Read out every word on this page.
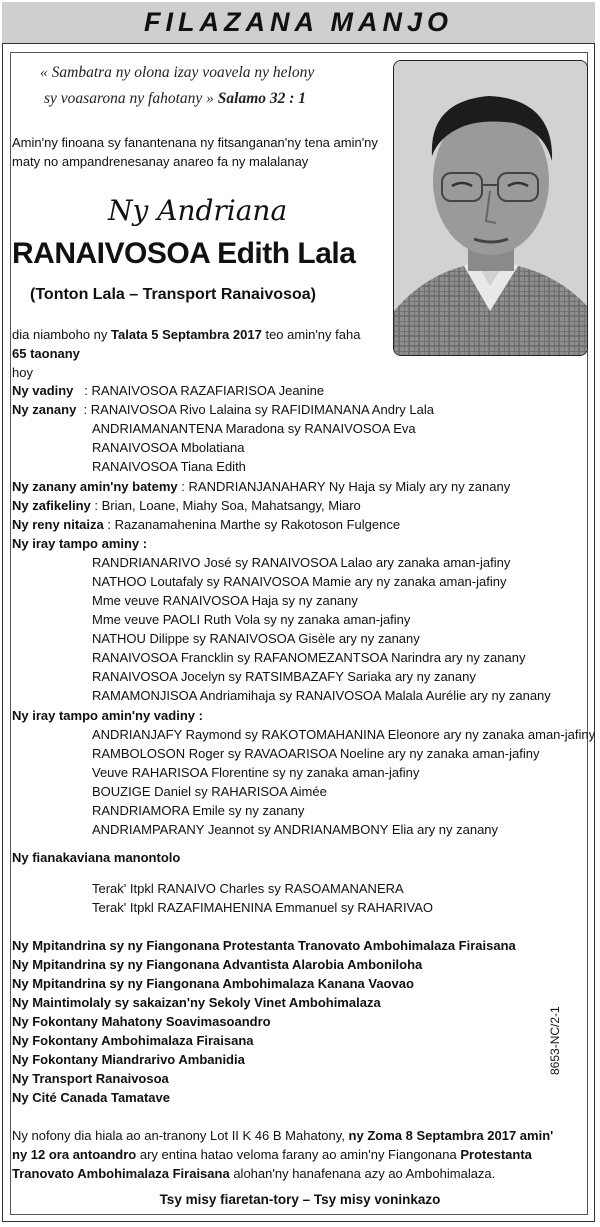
FILAZANA MANJO
« Sambatra ny olona izay voavela ny helony
sy voasarona ny fahotany » Salamo 32 : 1
Amin'ny finoana sy fanantenana ny fitsanganan'ny tena amin'ny
maty no ampandrenesanay anareo fa ny malalanay
Ny Andriana
RANAIVOSOA Edith Lala
(Tonton Lala – Transport Ranaivosoa)
dia niamboho ny Talata 5 Septambra 2017 teo amin'ny faha
65 taonany
hoy
Ny vadiny : RANAIVOSOA RAZAFIARISOA Jeanine
Ny zanany : RANAIVOSOA Rivo Lalaina sy RAFIDIMANANA Andry Lala
ANDRIAMANANTENA Maradona sy RANAIVOSOA Eva
RANAIVOSOA Mbolatiana
RANAIVOSOA Tiana Edith
Ny zanany amin'ny batemy : RANDRIANJANAHARY Ny Haja sy Mialy ary ny zanany
Ny zafikeliny : Brian, Loane, Miahy Soa, Mahatsangy, Miaro
Ny reny nitaiza : Razanamahenina Marthe sy Rakotoson Fulgence
Ny iray tampo aminy :
RANDRIANARIVO José sy RANAIVOSOA Lalao ary zanaka aman-jafiny
NATHOO Loutafaly sy RANAIVOSOA Mamie ary ny zanaka aman-jafiny
Mme veuve RANAIVOSOA Haja sy ny zanany
Mme veuve PAOLI Ruth Vola sy ny zanaka aman-jafiny
NATHOU Dilippe sy RANAIVOSOA Gisèle ary ny zanany
RANAIVOSOA Francklin sy RAFANOMEZANTSOA Narindra ary ny zanany
RANAIVOSOA Jocelyn sy RATSIMBAZAFY Sariaka ary ny zanany
RAMAMONJISOA Andriamihaja sy RANAIVOSOA Malala Aurélie ary ny zanany
Ny iray tampo amin'ny vadiny :
ANDRIANJAFY Raymond sy RAKOTOMAHANINA Eleonore ary ny zanaka aman-jafiny
RAMBOLOSON Roger sy RAVAOARISOA Noeline ary ny zanaka aman-jafiny
Veuve RAHARISOA Florentine sy ny zanaka aman-jafiny
BOUZIGE Daniel sy RAHARISOA Aimée
RANDRIAMORA Emile sy ny zanany
ANDRIAMPARANY Jeannot sy ANDRIANAMBONY Elia ary ny zanany
Ny fianakaviana manontolo
Terak' Itpkl RANAIVO Charles sy RASOAMANANERA
Terak' Itpkl RAZAFIMAHENINA Emmanuel sy RAHARIVAO
Ny Mpitandrina sy ny Fiangonana Protestanta Tranovato Ambohimalaza Firaisana
Ny Mpitandrina sy ny Fiangonana Advantista Alarobia Amboniloha
Ny Mpitandrina sy ny Fiangonana Ambohimalaza Kanana Vaovao
Ny Maintimolaly sy sakaizan'ny Sekoly Vinet Ambohimalaza
Ny Fokontany Mahatony Soavimasoandro
Ny Fokontany Ambohimalaza Firaisana
Ny Fokontany Miandrarivo Ambanidia
Ny Transport Ranaivosoa
Ny Cité Canada Tamatave
8653-NC/2-1
Ny nofony dia hiala ao an-tranony Lot II K 46 B Mahatony, ny Zoma 8 Septambra 2017 amin'
ny 12 ora antoandro ary entina hatao veloma farany ao amin'ny Fiangonana Protestanta
Tranovato Ambohimalaza Firaisana alohan'ny hanafenana azy ao Ambohimalaza.
Tsy misy fiaretan-tory – Tsy misy voninkazo
